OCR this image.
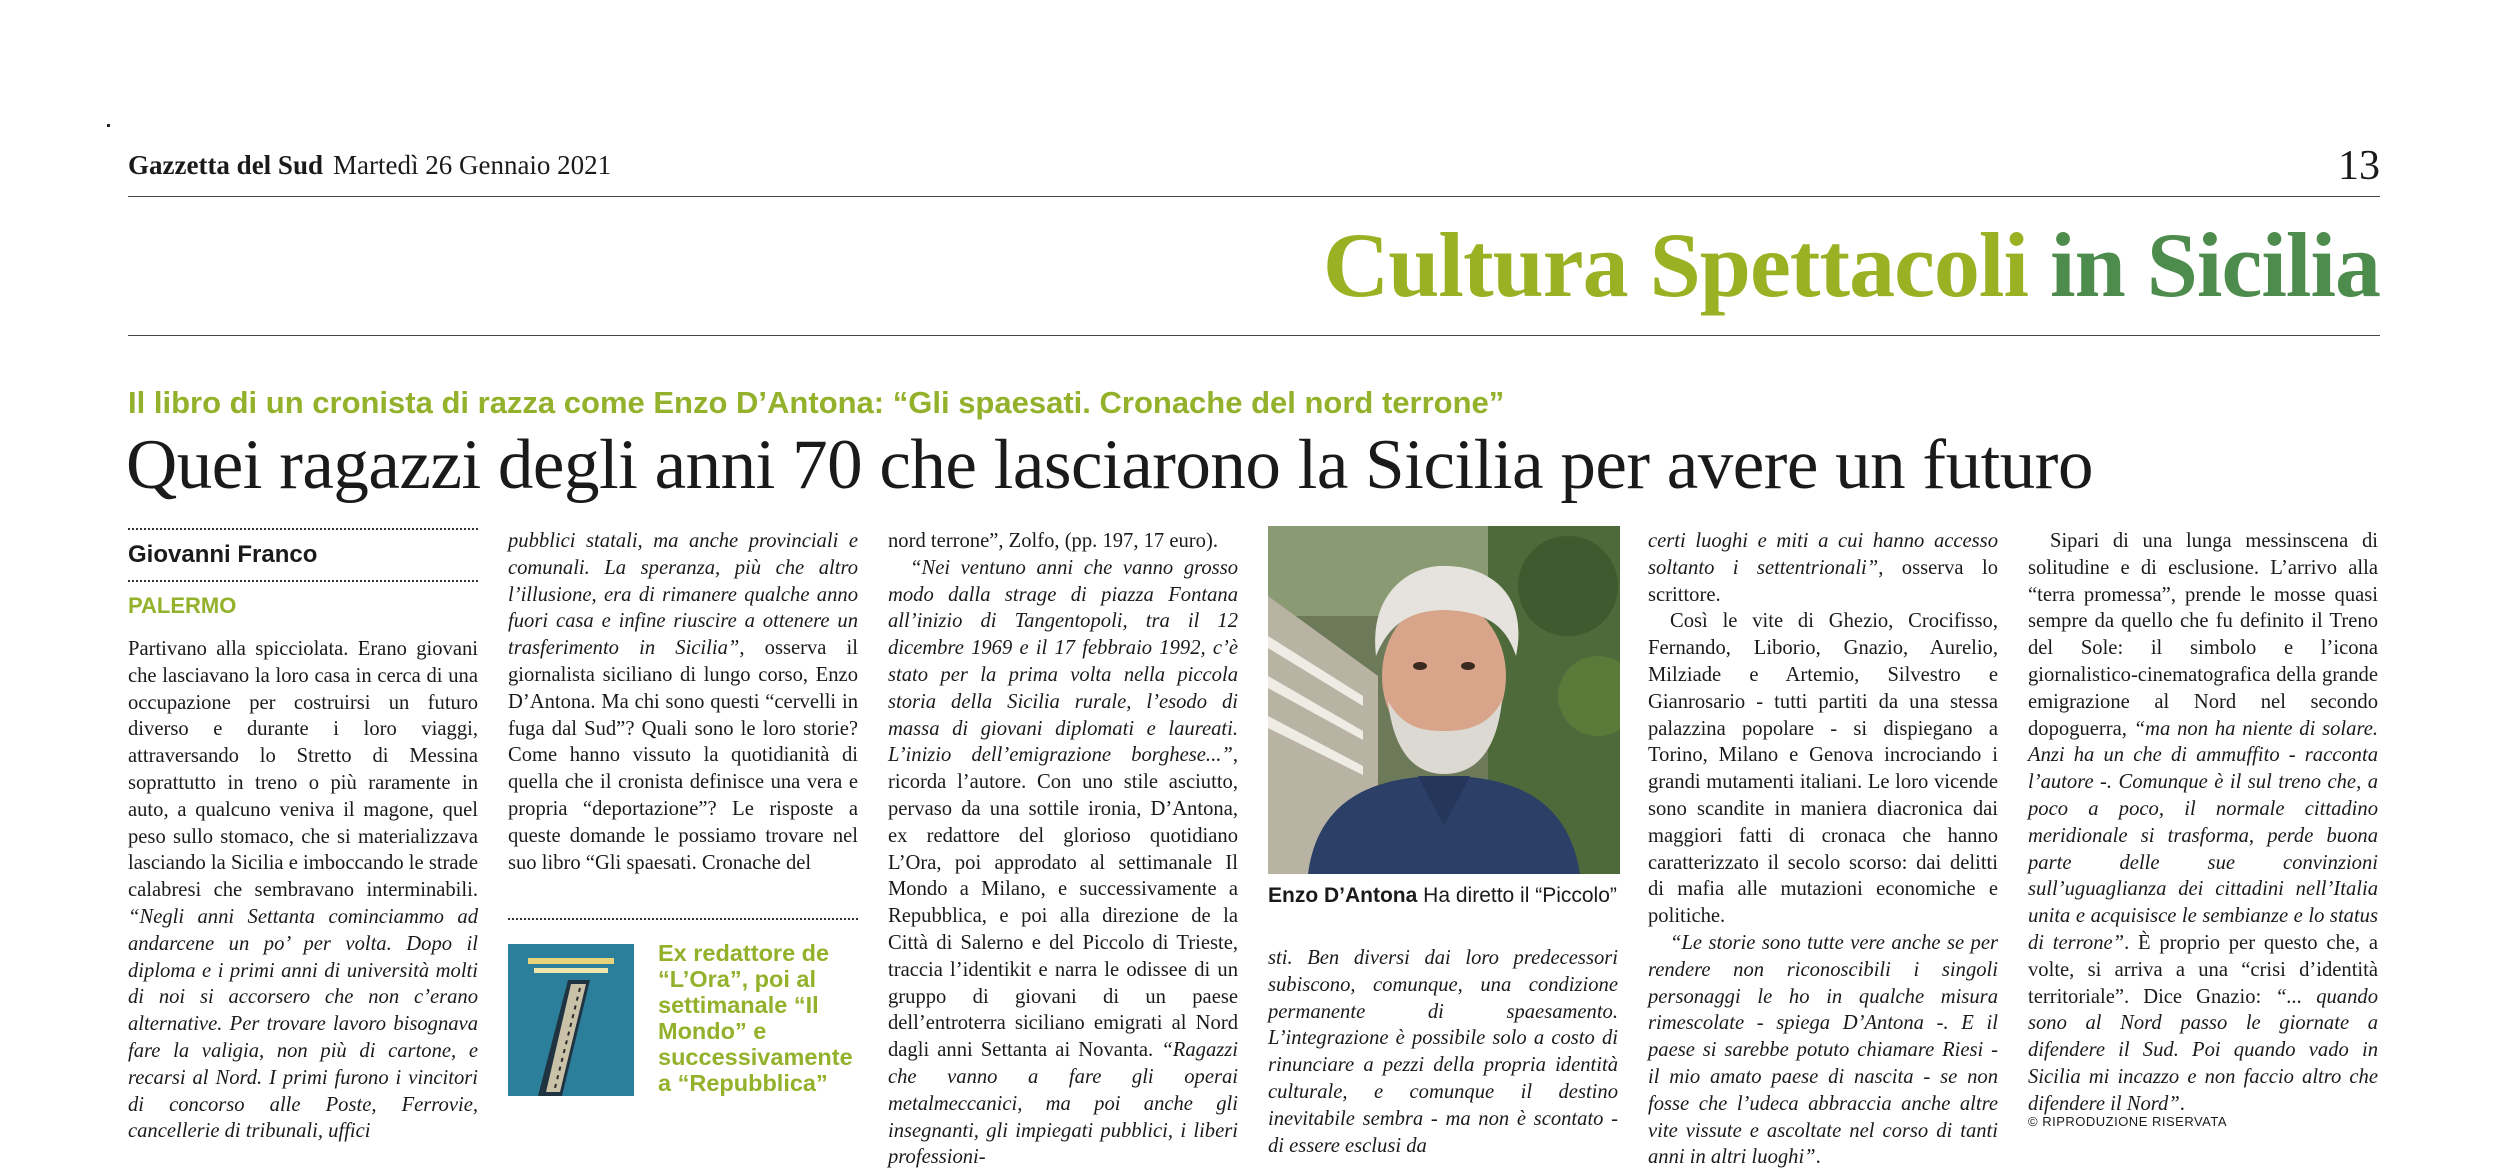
Gazzetta del Sud Martedì 26 Gennaio 2021	13
Cultura Spettacoli in Sicilia
Il libro di un cronista di razza come Enzo D’Antona: “Gli spaesati. Cronache del nord terrone”
Quei ragazzi degli anni 70 che lasciarono la Sicilia per avere un futuro
Giovanni Franco
PALERMO

Partivano alla spicciolata. Erano giovani che lasciavano la loro casa in cerca di una occupazione per costruirsi un futuro diverso e durante i loro viaggi, attraversando lo Stretto di Messina soprattutto in treno o più raramente in auto, a qualcuno veniva il magone, quel peso sullo stomaco, che si materializzava lasciando la Sicilia e imboccando le strade calabresi che sembravano interminabili. “Negli anni Settanta cominciammo ad andarcene un po’ per volta. Dopo il diploma e i primi anni di università molti di noi si accorsero che non c’erano alternative. Per trovare lavoro bisognava fare la valigia, non più di cartone, e recarsi al Nord. I primi furono i vincitori di concorso alle Poste, Ferrovie, cancellerie di tribunali, uffici

pubblici statali, ma anche provinciali e comunali. La speranza, più che altro l’illusione, era di rimanere qualche anno fuori casa e infine riuscire a ottenere un trasferimento in Sicilia”, osserva il giornalista siciliano di lungo corso, Enzo D’Antona. Ma chi sono questi “cervelli in fuga dal Sud”? Quali sono le loro storie? Come hanno vissuto la quotidianità di quella che il cronista definisce una vera e propria “deportazione”? Le risposte a queste domande le possiamo trovare nel suo libro “Gli spaesati. Cronache del

Ex redattore de “L’Ora”, poi al settimanale “Il Mondo” e successivamente a “Repubblica”

nord terrone”, Zolfo, (pp. 197, 17 euro).

“Nei ventuno anni che vanno grosso modo dalla strage di piazza Fontana all’inizio di Tangentopoli, tra il 12 dicembre 1969 e il 17 febbraio 1992, c’è stato per la prima volta nella piccola storia della Sicilia rurale, l’esodo di massa di giovani diplomati e laureati. L’inizio dell’emigrazione borghese...”, ricorda l’autore. Con uno stile asciutto, pervaso da una sottile ironia, D’Antona, ex redattore del glorioso quotidiano L’Ora, poi approdato al settimanale Il Mondo a Milano, e successivamente a Repubblica, e poi alla direzione de la Città di Salerno e del Piccolo di Trieste, traccia l’identikit e narra le odissee di un gruppo di giovani di un paese dell’entroterra siciliano emigrati al Nord dagli anni Settanta ai Novanta. “Ragazzi che vanno a fare gli operai metalmeccanici, ma poi anche gli insegnanti, gli impiegati pubblici, i liberi professioni-

Enzo D’Antona Ha diretto il “Piccolo”

sti. Ben diversi dai loro predecessori subiscono, comunque, una condizione permanente di spaesamento. L’integrazione è possibile solo a costo di rinunciare a pezzi della propria identità culturale, e comunque il destino inevitabile sembra - ma non è scontato - di essere esclusi da

certi luoghi e miti a cui hanno accesso soltanto i settentrionali”, osserva lo scrittore.

Così le vite di Ghezio, Crocifisso, Fernando, Liborio, Gnazio, Aurelio, Milziade e Artemio, Silvestro e Gianrosario - tutti partiti da una stessa palazzina popolare - si dispiegano a Torino, Milano e Genova incrociando i grandi mutamenti italiani. Le loro vicende sono scandite in maniera diacronica dai maggiori fatti di cronaca che hanno caratterizzato il secolo scorso: dai delitti di mafia alle mutazioni economiche e politiche.

“Le storie sono tutte vere anche se per rendere non riconoscibili i singoli personaggi le ho in qualche misura rimescolate - spiega D’Antona -. E il paese si sarebbe potuto chiamare Riesi - il mio amato paese di nascita - se non fosse che l’udeca abbraccia anche altre vite vissute e ascoltate nel corso di tanti anni in altri luoghi”.

Sipari di una lunga messinscena di solitudine e di esclusione. L’arrivo alla “terra promessa”, prende le mosse quasi sempre da quello che fu definito il Treno del Sole: il simbolo e l’icona giornalistico-cinematografica della grande emigrazione al Nord nel secondo dopoguerra, “ma non ha niente di solare. Anzi ha un che di ammuffito - racconta l’autore -. Comunque è il sul treno che, a poco a poco, il normale cittadino meridionale si trasforma, perde buona parte delle sue convinzioni sull’uguaglianza dei cittadini nell’Italia unita e acquisisce le sembianze e lo status di terrone”. È proprio per questo che, a volte, si arriva a una “crisi d’identità territoriale”. Dice Gnazio: “... quando sono al Nord passo le giornate a difendere il Sud. Poi quando vado in Sicilia mi incazzo e non faccio altro che difendere il Nord”.

© RIPRODUZIONE RISERVATA
